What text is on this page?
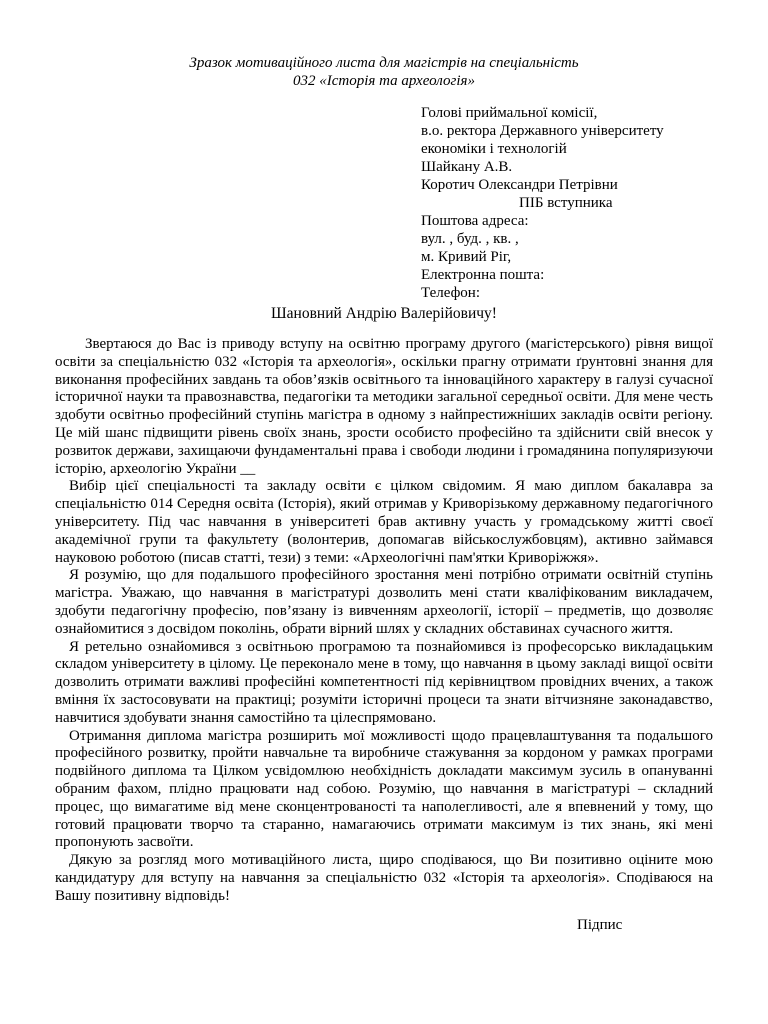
Зразок мотиваційного листа для магістрів на спеціальність
032 «Історія та археологія»
Голові приймальної комісії,
в.о. ректора Державного університету
економіки і технологій
Шайкану А.В.
Коротич Олександри Петрівни
ПІБ вступника
Поштова адреса:
вул. , буд. , кв. ,
м. Кривий Ріг,
Електронна пошта:
Телефон:
Шановний Андрію Валерійовичу!

Звертаюся до Вас із приводу вступу на освітню програму другого (магістерського) рівня вищої освіти за спеціальністю 032 «Історія та археологія», оскільки прагну отримати ґрунтовні знання для виконання професійних завдань та обов’язків освітнього та інноваційного характеру в галузі сучасної історичної науки та правознавства, педагогіки та методики загальної середньої освіти. Для мене честь здобути освітньо професійний ступінь магістра в одному з найпрестижніших закладів освіти регіону. Це мій шанс підвищити рівень своїх знань, зрости особисто професійно та здійснити свій внесок у розвиток держави, захищаючи фундаментальні права і свободи людини і громадянина популяризуючи історію, археологію України __

Вибір цієї спеціальності та закладу освіти є цілком свідомим. Я маю диплом бакалавра за спеціальністю 014 Середня освіта (Історія), який отримав у Криворізькому державному педагогічного університету. Під час навчання в університеті брав активну участь у громадському житті своєї академічної групи та факультету (волонтерив, допомагав військослужбовцям), активно займався науковою роботою (писав статті, тези) з теми: «Археологічні пам'ятки Криворіжжя».

Я розумію, що для подальшого професійного зростання мені потрібно отримати освітній ступінь магістра. Уважаю, що навчання в магістратурі дозволить мені стати кваліфікованим викладачем, здобути педагогічну професію, пов’язану із вивченням археології, історії – предметів, що дозволяє ознайомитися з досвідом поколінь, обрати вірний шлях у складних обставинах сучасного життя.

Я ретельно ознайомився з освітньою програмою та познайомився із професорсько викладацьким складом університету в цілому. Це переконало мене в тому, що навчання в цьому закладі вищої освіти дозволить отримати важливі професійні компетентності під керівництвом провідних вчених, а також вміння їх застосовувати на практиці; розуміти історичні процеси та знати вітчизняне законадавство, навчитися здобувати знання самостійно та цілеспрямовано.

Отримання диплома магістра розширить мої можливості щодо працевлаштування та подальшого професійного розвитку, пройти навчальне та виробниче стажування за кордоном у рамках програми подвійного диплома та Цілком усвідомлюю необхідність докладати максимум зусиль в опануванні обраним фахом, плідно працювати над собою. Розумію, що навчання в магістратурі – складний процес, що вимагатиме від мене сконцентрованості та наполегливості, але я впевнений у тому, що готовий працювати творчо та старанно, намагаючись отримати максимум із тих знань, які мені пропонують засвоїти.

Дякую за розгляд мого мотиваційного листа, щиро сподіваюся, що Ви позитивно оціните мою кандидатуру для вступу на навчання за спеціальністю 032 «Історія та археологія». Сподіваюся на Вашу позитивну відповідь!

Підпис
